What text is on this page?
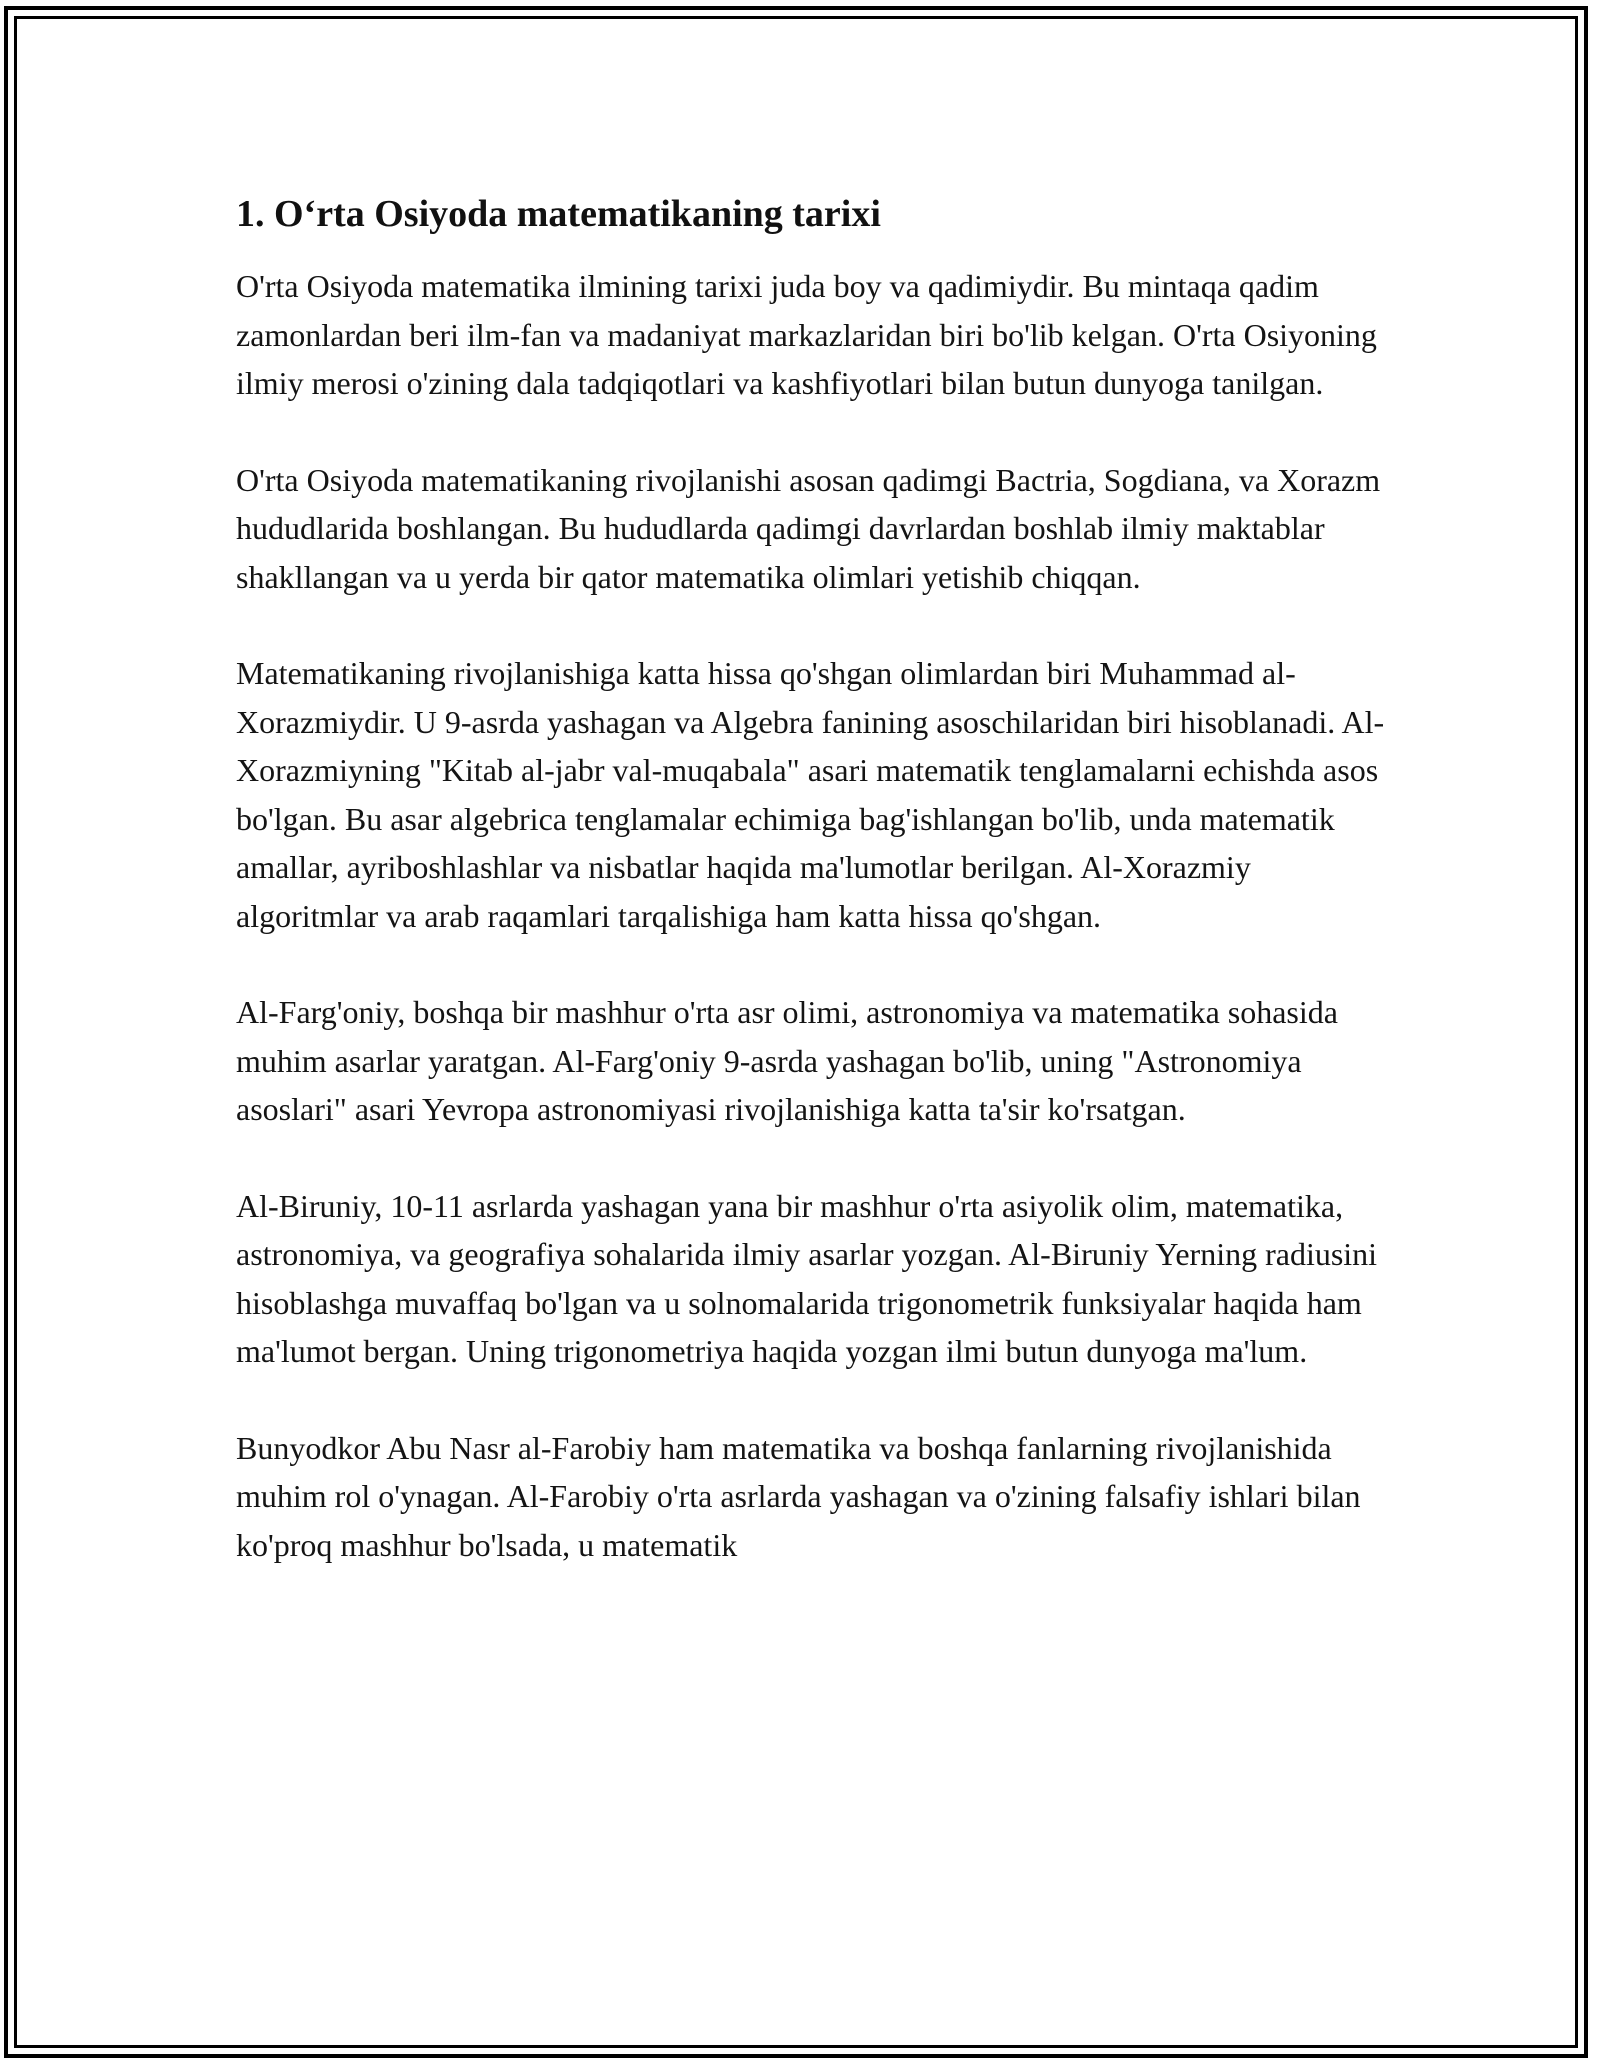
1. O‘rta Osiyoda matematikaning tarixi

O'rta Osiyoda matematika ilmining tarixi juda boy va qadimiydir. Bu mintaqa qadim zamonlardan beri ilm-fan va madaniyat markazlaridan biri bo'lib kelgan. O'rta Osiyoning ilmiy merosi o'zining dala tadqiqotlari va kashfiyotlari bilan butun dunyoga tanilgan.

O'rta Osiyoda matematikaning rivojlanishi asosan qadimgi Bactria, Sogdiana, va Xorazm hududlarida boshlangan. Bu hududlarda qadimgi davrlardan boshlab ilmiy maktablar shakllangan va u yerda bir qator matematika olimlari yetishib chiqqan.

Matematikaning rivojlanishiga katta hissa qo'shgan olimlardan biri Muhammad al-Xorazmiydir. U 9-asrda yashagan va Algebra fanining asoschilaridan biri hisoblanadi. Al-Xorazmiyning "Kitab al-jabr val-muqabala" asari matematik tenglamalarni echishda asos bo'lgan. Bu asar algebrica tenglamalar echimiga bag'ishlangan bo'lib, unda matematik amallar, ayriboshlashlar va nisbatlar haqida ma'lumotlar berilgan. Al-Xorazmiy algoritmlar va arab raqamlari tarqalishiga ham katta hissa qo'shgan.

Al-Farg'oniy, boshqa bir mashhur o'rta asr olimi, astronomiya va matematika sohasida muhim asarlar yaratgan. Al-Farg'oniy 9-asrda yashagan bo'lib, uning "Astronomiya asoslari" asari Yevropa astronomiyasi rivojlanishiga katta ta'sir ko'rsatgan.

Al-Biruniy, 10-11 asrlarda yashagan yana bir mashhur o'rta asiyolik olim, matematika, astronomiya, va geografiya sohalarida ilmiy asarlar yozgan. Al-Biruniy Yerning radiusini hisoblashga muvaffaq bo'lgan va u solnomalarida trigonometrik funksiyalar haqida ham ma'lumot bergan. Uning trigonometriya haqida yozgan ilmi butun dunyoga ma'lum.

Bunyodkor Abu Nasr al-Farobiy ham matematika va boshqa fanlarning rivojlanishida muhim rol o'ynagan. Al-Farobiy o'rta asrlarda yashagan va o'zining falsafiy ishlari bilan ko'proq mashhur bo'lsada, u matematik
